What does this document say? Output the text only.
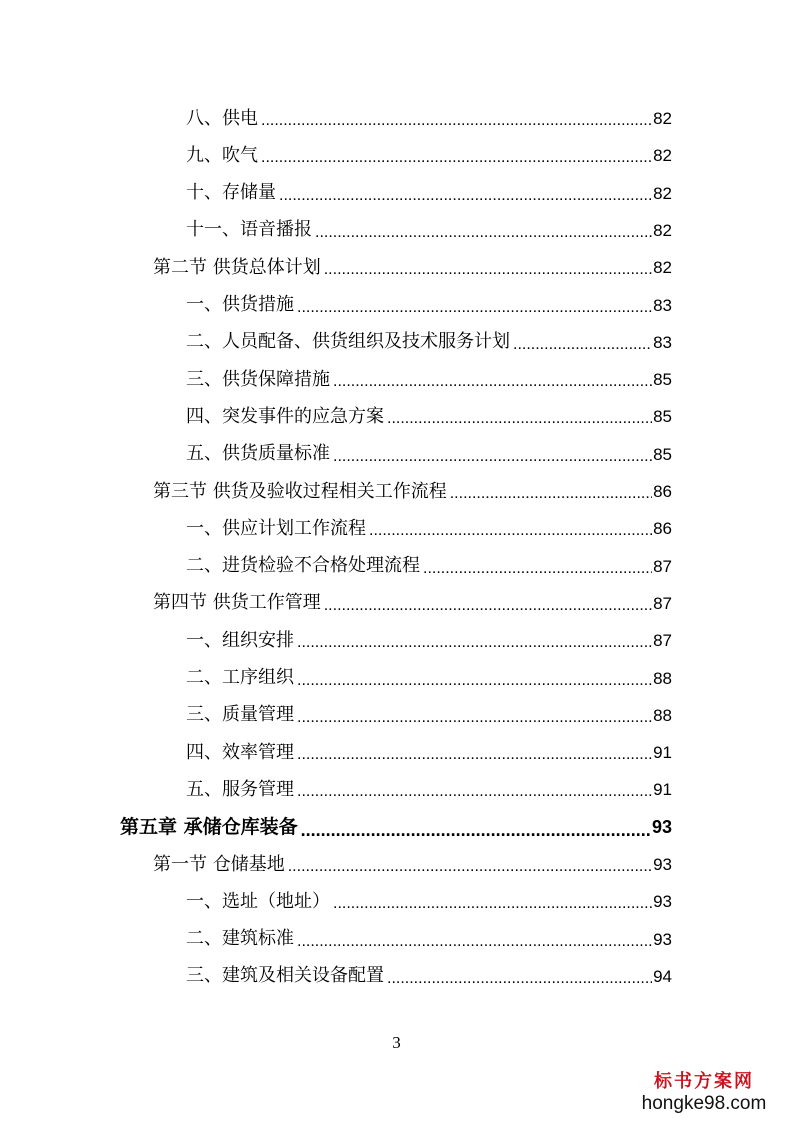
八、供电 .....	82
九、吹气 .....	82
十、存储量 .....	82
十一、语音播报 .....	82
第二节 供货总体计划 .....	82
一、供货措施 .....	83
二、人员配备、供货组织及技术服务计划 .....	83
三、供货保障措施 .....	85
四、突发事件的应急方案 .....	85
五、供货质量标准 .....	85
第三节 供货及验收过程相关工作流程 .....	86
一、供应计划工作流程 .....	86
二、进货检验不合格处理流程 .....	87
第四节 供货工作管理 .....	87
一、组织安排 .....	87
二、工序组织 .....	88
三、质量管理 .....	88
四、效率管理 .....	91
五、服务管理 .....	91
第五章 承储仓库装备 .....	93
第一节 仓储基地 .....	93
一、选址（地址） .....	93
二、建筑标准 .....	93
三、建筑及相关设备配置 .....	94
3
标书方案网
hongke98.com
